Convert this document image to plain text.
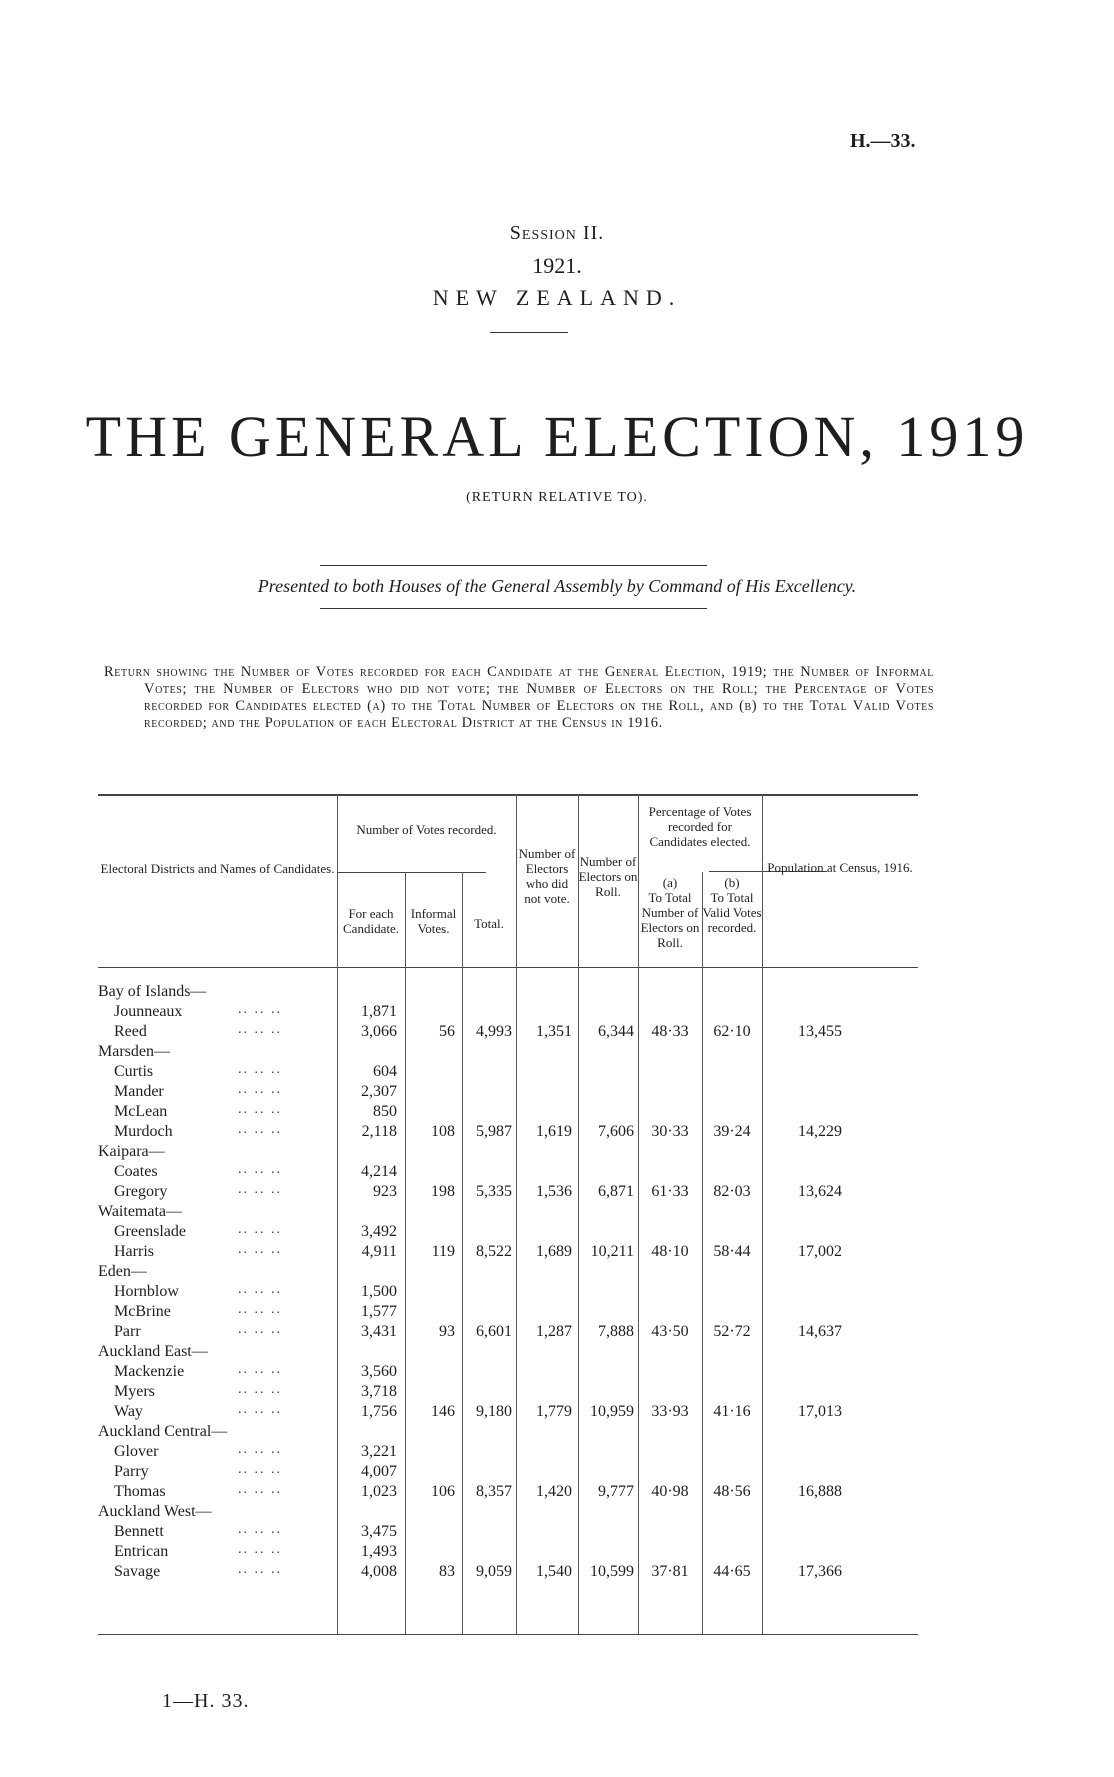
H.—33.
Session II.
1921.
NEW ZEALAND.
THE GENERAL ELECTION, 1919
(RETURN RELATIVE TO).
Presented to both Houses of the General Assembly by Command of His Excellency.
Return showing the Number of Votes recorded for each Candidate at the General Election, 1919; the Number of Informal Votes; the Number of Electors who did not vote; the Number of Electors on the Roll; the Percentage of Votes recorded for Candidates elected (a) to the Total Number of Electors on the Roll, and (b) to the Total Valid Votes recorded; and the Population of each Electoral District at the Census in 1916.
Electoral Districts and Names of Candidates.
Number of Votes recorded.
For each Candidate.
Informal Votes.	Total.
Number of Electors who did not vote.
Number of Electors on Roll.
Percentage of Votes recorded for Candidates elected.
(a)
To Total Number of Electors on Roll.
(b)
To Total Valid Votes recorded.
Population at Census, 1916.
Bay of Islands—
Jounneaux	.. .. ..	1,871
Reed	.. .. ..	3,066	56	4,993	1,351	6,344	48·33	62·10	13,455
Marsden—
Curtis	.. .. ..	604
Mander	.. .. ..	2,307
McLean	.. .. ..	850
Murdoch	.. .. ..	2,118	108	5,987	1,619	7,606	30·33	39·24	14,229
Kaipara—
Coates	.. .. ..	4,214
Gregory	.. .. ..	923	198	5,335	1,536	6,871	61·33	82·03	13,624
Waitemata—
Greenslade	.. .. ..	3,492
Harris	.. .. ..	4,911	119	8,522	1,689	10,211	48·10	58·44	17,002
Eden—
Hornblow	.. .. ..	1,500
McBrine	.. .. ..	1,577
Parr	.. .. ..	3,431	93	6,601	1,287	7,888	43·50	52·72	14,637
Auckland East—
Mackenzie	.. .. ..	3,560
Myers	.. .. ..	3,718
Way	.. .. ..	1,756	146	9,180	1,779	10,959	33·93	41·16	17,013
Auckland Central—
Glover	.. .. ..	3,221
Parry	.. .. ..	4,007
Thomas	.. .. ..	1,023	106	8,357	1,420	9,777	40·98	48·56	16,888
Auckland West—
Bennett	.. .. ..	3,475
Entrican	.. .. ..	1,493
Savage	.. .. ..	4,008	83	9,059	1,540	10,599	37·81	44·65	17,366
1—H. 33.
